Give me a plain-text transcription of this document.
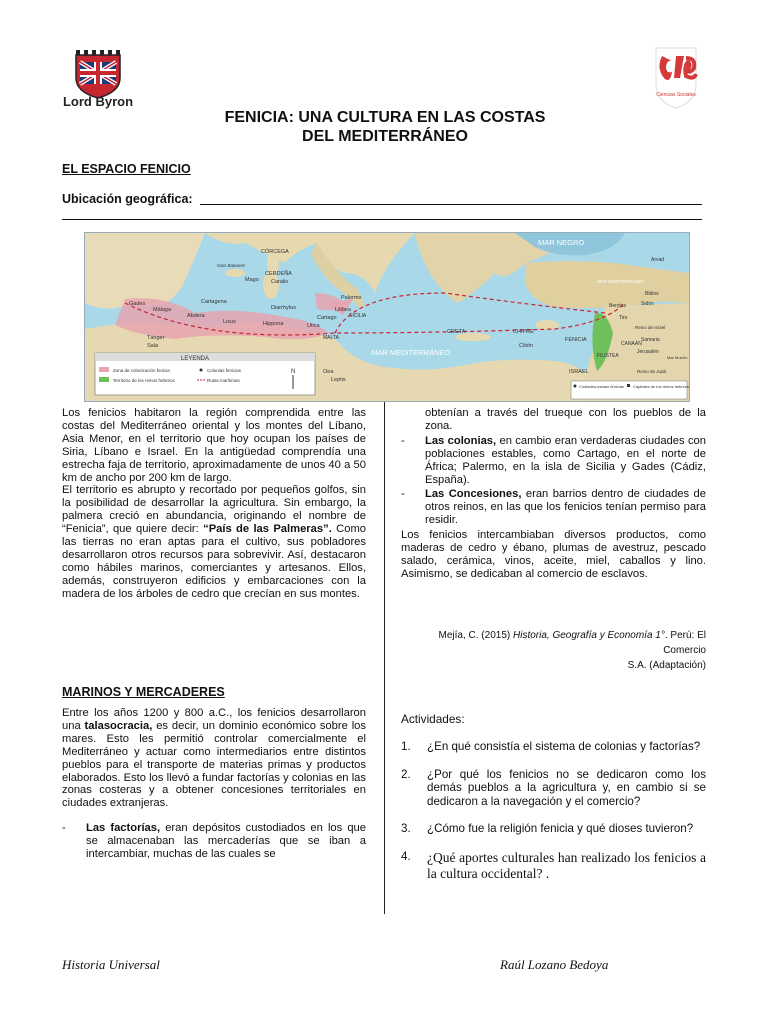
Lord Byron	Ciencias Sociales
FENICIA: UNA CULTURA EN LAS COSTAS
DEL MEDITERRÁNEO
EL ESPACIO FENICIO
Ubicación geográfica:
MAR NEGRO
MAR MEDITERRÁNEO
CÓRCEGA
CERDEÑA
Islas Baleares
Mago Caralis
Gades
Málaga
Cartagena
Abdera
Lixus
Tánger
Sala
Diarrhytus
Hippona	Utica
Cartago
Palermo
Lilibea
SICILIA
MALTA
Oea
Leptis
CRETA	CHIPRE
Citión
FENICIA
Arvad
Biblos
Berytos	Sidón
Tiro
MAR MEDITERRÁNEO
CANAÁN
Reino de Israel
Samaria
Jerusalén
Reino de Judá
FILISTEA
ISRAEL
Mar Muerto
LEYENDA
Zona de colonización fenicia	Colonias fenicias
Territorio de los reinos hebreos	Rutas marítimas
N
Ciudades-estado fenicias Capitales de los reinos hebreos

Los fenicios habitaron la región comprendida entre las costas del Mediterráneo oriental y los montes del Líbano, Asia Menor, en el territorio que hoy ocupan los países de Siria, Líbano e Israel. En la antigüedad comprendía una estrecha faja de territorio, aproximadamente de unos 40 a 50 km de ancho por 200 km de largo.

El territorio es abrupto y recortado por pequeños golfos, sin la posibilidad de desarrollar la agricultura. Sin embargo, la palmera creció en abundancia, originando el nombre de “Fenicia”, que quiere decir: “País de las Palmeras”. Como las tierras no eran aptas para el cultivo, sus pobladores desarrollaron otros recursos para sobrevivir. Así, destacaron como hábiles marinos, comerciantes y artesanos. Ellos, además, construyeron edificios y embarcaciones con la madera de los árboles de cedro que crecían en sus montes.

MARINOS Y MERCADERES

Entre los años 1200 y 800 a.C., los fenicios desarrollaron una talasocracia, es decir, un dominio económico sobre los mares. Esto les permitió controlar comercialmente el Mediterráneo y actuar como intermediarios entre distintos pueblos para el transporte de materias primas y productos elaborados. Esto los llevó a fundar factorías y colonias en las zonas costeras y a obtener concesiones territoriales en ciudades extranjeras.

-	Las factorías, eran depósitos custodiados en los que se almacenaban las mercaderías que se iban a intercambiar, muchas de las cuales se
obtenían a través del trueque con los pueblos de la zona.
-	Las colonias, en cambio eran verdaderas ciudades con poblaciones estables, como Cartago, en el norte de África; Palermo, en la isla de Sicilia y Gades (Cádiz, España).
-	Las Concesiones, eran barrios dentro de ciudades de otros reinos, en las que los fenicios tenían permiso para residir.

Los fenicios intercambiaban diversos productos, como maderas de cedro y ébano, plumas de avestruz, pescado salado, cerámica, vinos, aceite, miel, caballos y lino. Asimismo, se dedicaban al comercio de esclavos.

Mejía, C. (2015) Historia, Geografía y Economía 1°. Perú: El Comercio
S.A. (Adaptación)
Actividades:
1.	¿En qué consistía el sistema de colonias y factorías?
2.	¿Por qué los fenicios no se dedicaron como los demás pueblos a la agricultura y, en cambio si se dedicaron a la navegación y el comercio?
3.	¿Cómo fue la religión fenicia y qué dioses tuvieron?
4.	¿Qué aportes culturales han realizado los fenicios a la cultura occidental? .
Historia Universal	Raúl Lozano Bedoya
